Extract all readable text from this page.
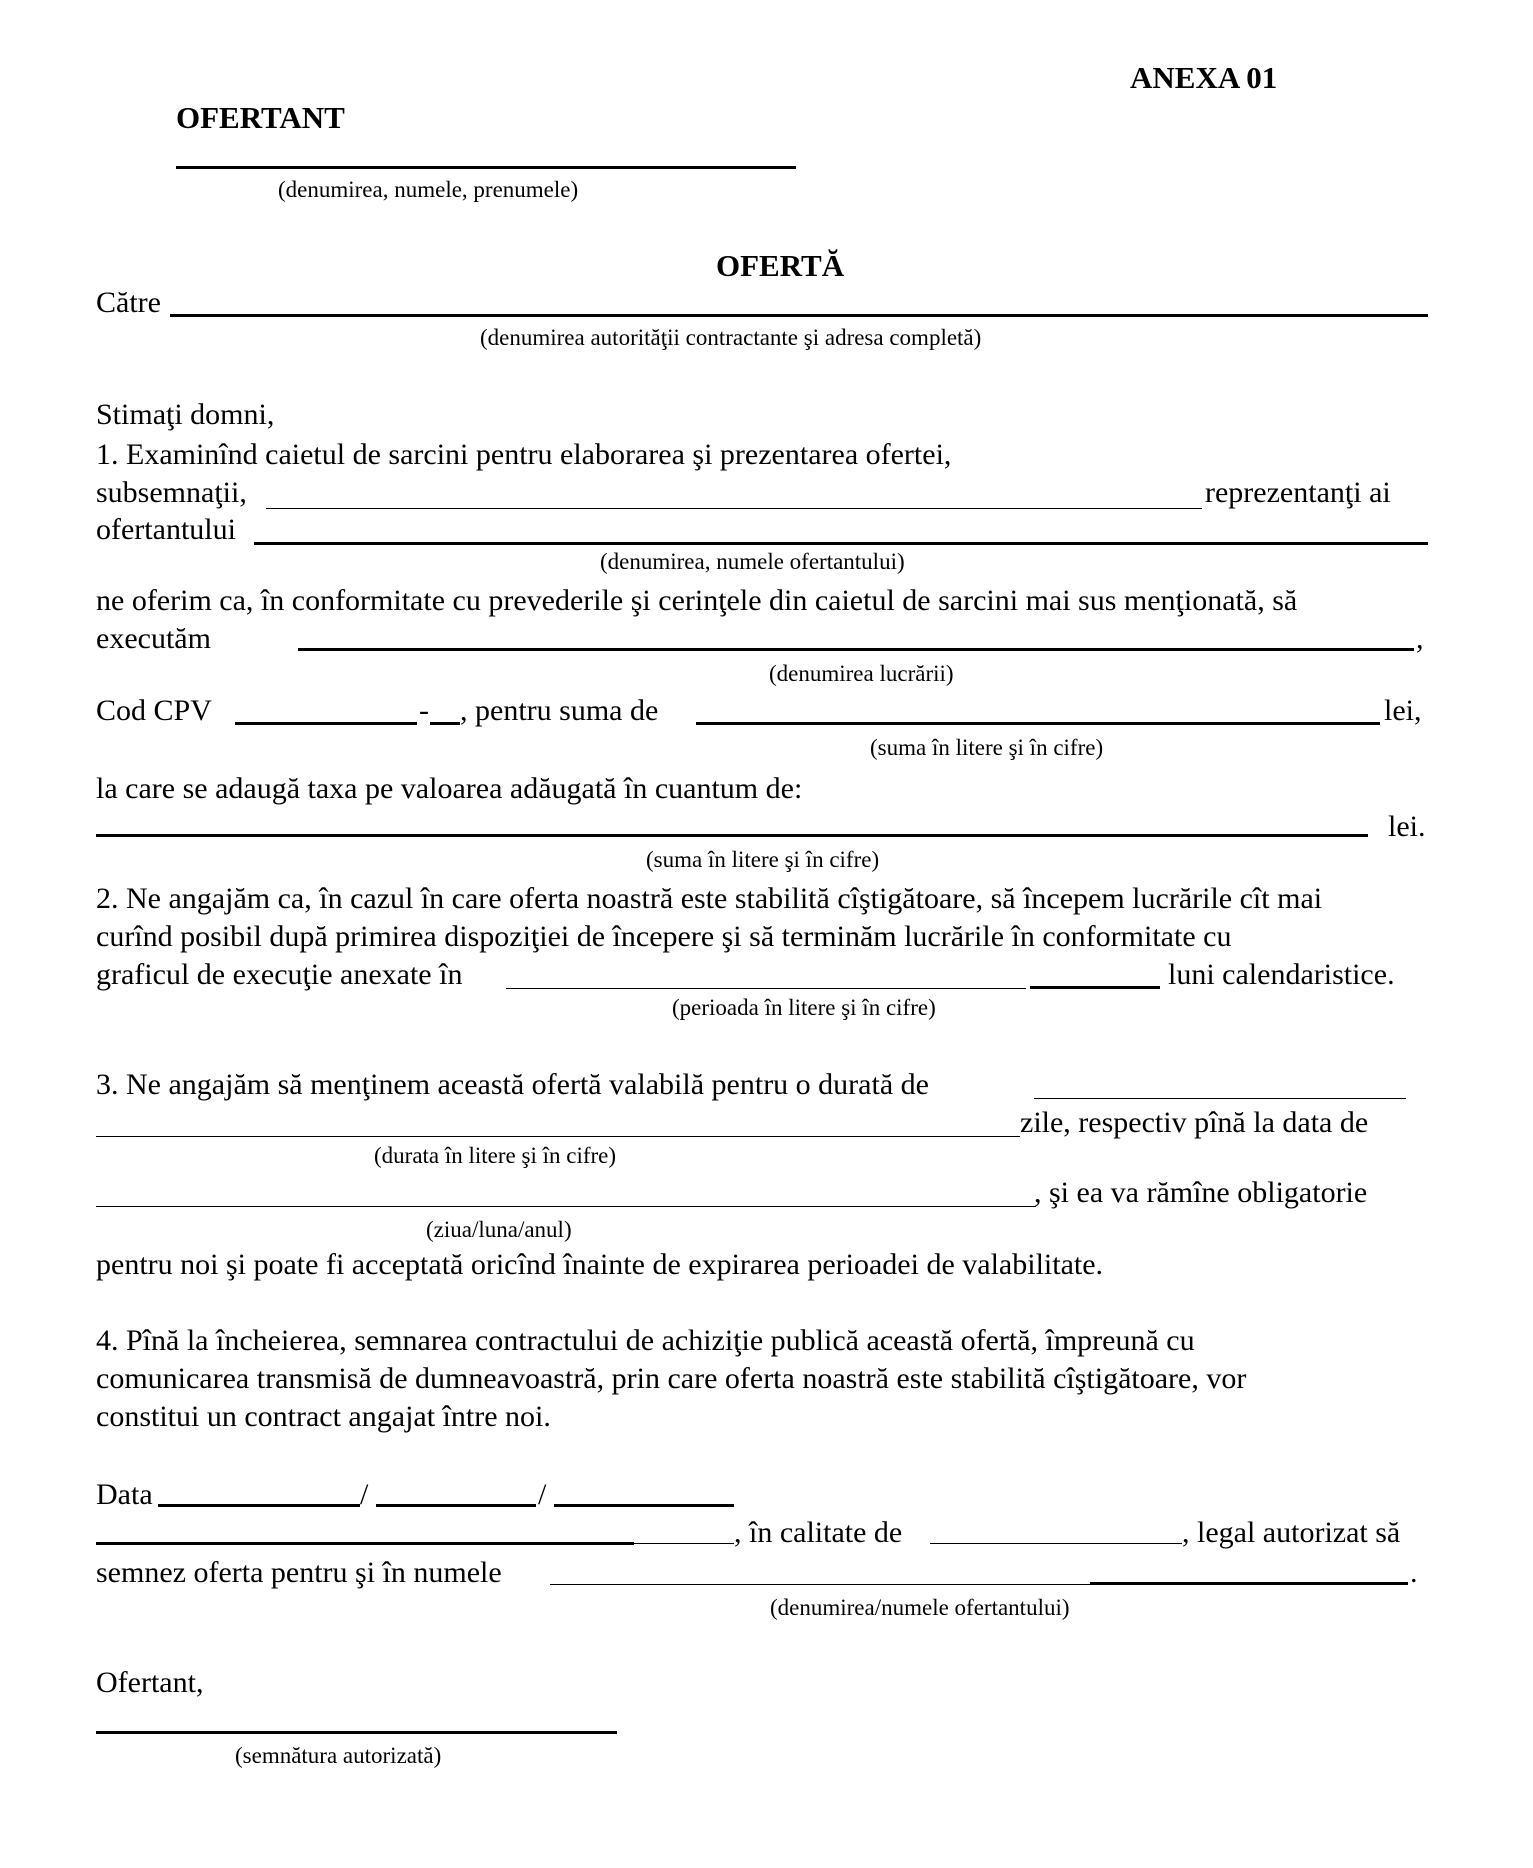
ANEXA 01
OFERTANT
(denumirea, numele, prenumele)
OFERTĂ
Către
(denumirea autorităţii contractante şi adresa completă)
Stimaţi domni,
1. Examinînd caietul de sarcini pentru elaborarea şi prezentarea ofertei,
subsemnaţii,	reprezentanţi ai
ofertantului
(denumirea, numele ofertantului)
ne oferim ca, în conformitate cu prevederile şi cerinţele din caietul de sarcini mai sus menţionată, să
executăm	,
(denumirea lucrării)
Cod CPV	- , pentru suma de	lei,
(suma în litere şi în cifre)
la care se adaugă taxa pe valoarea adăugată în cuantum de:
lei.
(suma în litere şi în cifre)
2. Ne angajăm ca, în cazul în care oferta noastră este stabilită cîştigătoare, să începem lucrările cît mai
curînd posibil după primirea dispoziţiei de începere şi să terminăm lucrările în conformitate cu
graficul de execuţie anexate în	luni calendaristice.
(perioada în litere şi în cifre)
3. Ne angajăm să menţinem această ofertă valabilă pentru o durată de
zile, respectiv pînă la data de
(durata în litere şi în cifre)
, şi ea va rămîne obligatorie
(ziua/luna/anul)
pentru noi şi poate fi acceptată oricînd înainte de expirarea perioadei de valabilitate.
4. Pînă la încheierea, semnarea contractului de achiziţie publică această ofertă, împreună cu
comunicarea transmisă de dumneavoastră, prin care oferta noastră este stabilită cîştigătoare, vor
constitui un contract angajat între noi.
Data	/	/
, în calitate de	, legal autorizat să
semnez oferta pentru şi în numele	.
(denumirea/numele ofertantului)
Ofertant,
(semnătura autorizată)
